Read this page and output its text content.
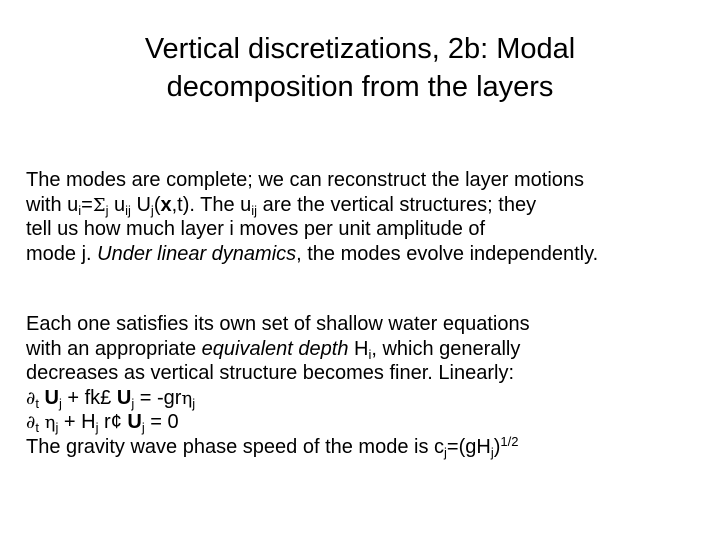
Vertical discretizations, 2b: Modal
decomposition from the layers
The modes are complete; we can reconstruct the layer motions
with $u_i=\Sigma_j$ $u_{ij}$ $U_j(x,t)$. The $u_{ij}$ are the vertical structures; they
tell us how much layer i moves per unit amplitude of
mode j. Under linear dynamics, the modes evolve independently.
Each one satisfies its own set of shallow water equations
with an appropriate equivalent depth $H_i$, which generally
decreases as vertical structure becomes finer. Linearly:
$\partial_t$ $U_j$ + fk£ $U_j = -gr\eta_j$
$\partial_t$ $\eta_j + H_j$ r¢ $U_j = 0$
The gravity wave phase speed of the mode is $c_j=(gH_j)^{1/2}$
